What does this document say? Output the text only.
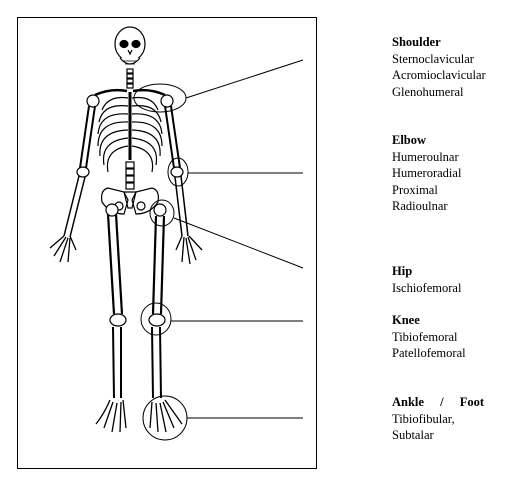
Shoulder
Sternoclavicular
Acromioclavicular
Glenohumeral
Elbow
Humeroulnar
Humeroradial
Proximal
Radioulnar
Hip
Ischiofemoral
Knee
Tibiofemoral
Patellofemoral
Ankle / Foot
Tibiofibular,
Subtalar
